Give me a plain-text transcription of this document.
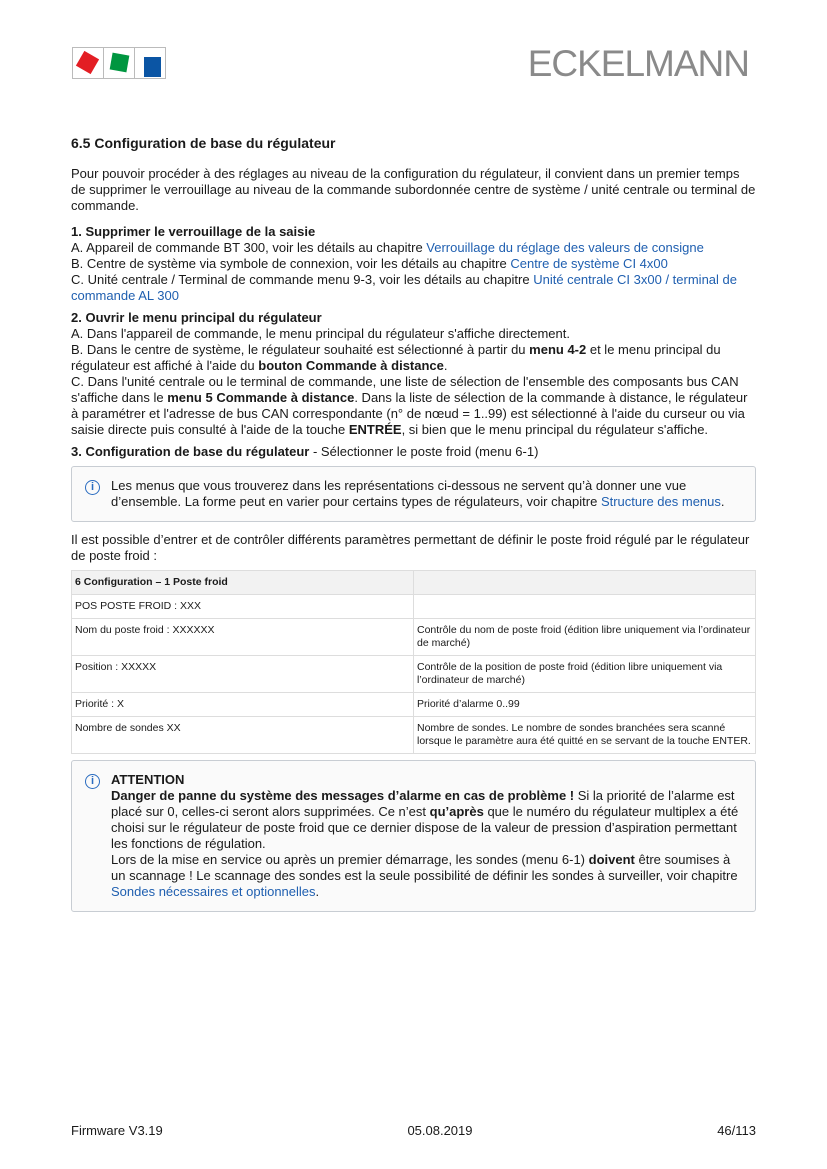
ECKELMANN
6.5 Configuration de base du régulateur

Pour pouvoir procéder à des réglages au niveau de la configuration du régulateur, il convient dans un premier temps de supprimer le verrouillage au niveau de la commande subordonnée centre de système / unité centrale ou terminal de commande.

1. Supprimer le verrouillage de la saisie
A. Appareil de commande BT 300, voir les détails au chapitre Verrouillage du réglage des valeurs de consigne
B. Centre de système via symbole de connexion, voir les détails au chapitre Centre de système CI 4x00
C. Unité centrale / Terminal de commande menu 9-3, voir les détails au chapitre Unité centrale CI 3x00 / terminal de commande AL 300

2. Ouvrir le menu principal du régulateur
A. Dans l'appareil de commande, le menu principal du régulateur s'affiche directement.
B. Dans le centre de système, le régulateur souhaité est sélectionné à partir du menu 4-2 et le menu principal du régulateur est affiché à l'aide du bouton Commande à distance.
C. Dans l'unité centrale ou le terminal de commande, une liste de sélection de l'ensemble des composants bus CAN s'affiche dans le menu 5 Commande à distance. Dans la liste de sélection de la commande à distance, le régulateur à paramétrer et l'adresse de bus CAN correspondante (n° de nœud = 1..99) est sélectionné à l'aide du curseur ou via saisie directe puis consulté à l'aide de la touche ENTRÉE, si bien que le menu principal du régulateur s'affiche.

3. Configuration de base du régulateur - Sélectionner le poste froid (menu 6-1)

i	Les menus que vous trouverez dans les représentations ci-dessous ne servent qu’à donner une vue d’ensemble. La forme peut en varier pour certains types de régulateurs, voir chapitre Structure des menus.

Il est possible d’entrer et de contrôler différents paramètres permettant de définir le poste froid régulé par le régulateur de poste froid :

6 Configuration – 1 Poste froid	
POS POSTE FROID : XXX	
Nom du poste froid : XXXXXX	Contrôle du nom de poste froid (édition libre uniquement via l’ordinateur de marché)
Position : XXXXX	Contrôle de la position de poste froid (édition libre uniquement via l’ordinateur de marché)
Priorité : X	Priorité d’alarme 0..99
Nombre de sondes XX	Nombre de sondes. Le nombre de sondes branchées sera scanné lorsque le paramètre aura été quitté en se servant de la touche ENTER.
i	ATTENTION
Danger de panne du système des messages d’alarme en cas de problème ! Si la priorité de l’alarme est placé sur 0, celles-ci seront alors supprimées. Ce n’est qu’après que le numéro du régulateur multiplex a été choisi sur le régulateur de poste froid que ce dernier dispose de la valeur de pression d’aspiration permettant les fonctions de régulation.
Lors de la mise en service ou après un premier démarrage, les sondes (menu 6-1) doivent être soumises à un scannage ! Le scannage des sondes est la seule possibilité de définir les sondes à surveiller, voir chapitre Sondes nécessaires et optionnelles.
Firmware V3.19	05.08.2019	46/113
